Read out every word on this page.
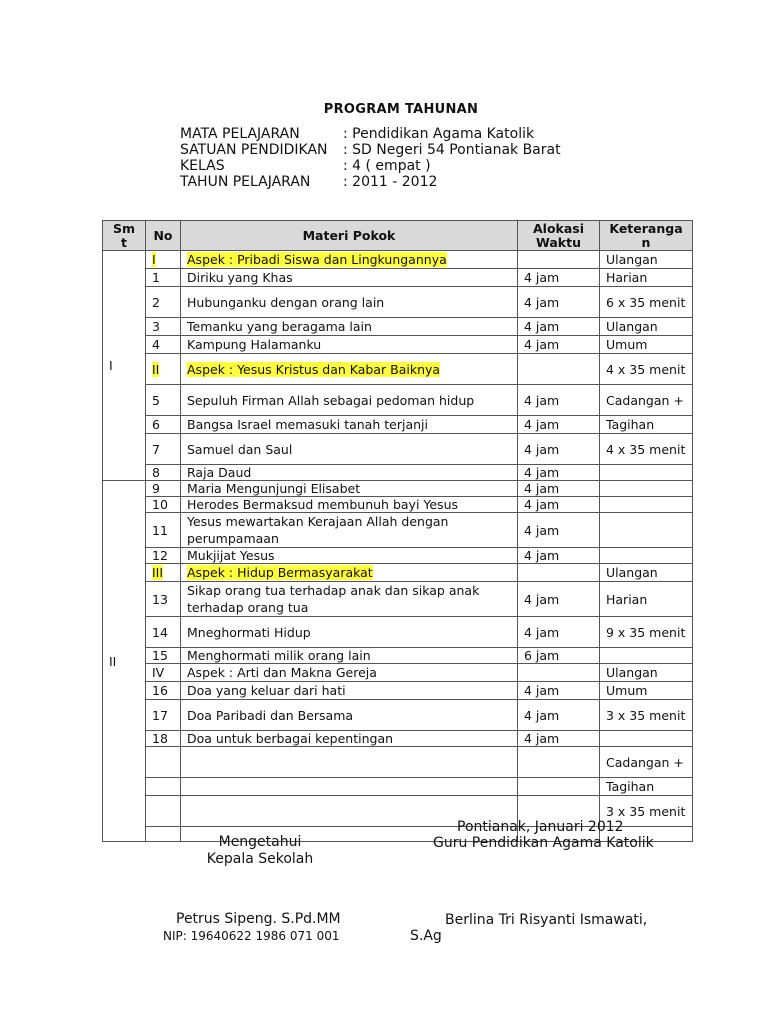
PROGRAM TAHUNAN
MATA PELAJARAN	: Pendidikan Agama Katolik
SATUAN PENDIDIKAN	: SD Negeri 54 Pontianak Barat
KELAS	: 4 ( empat )
TAHUN PELAJARAN	: 2011 - 2012
Sm t	No	Materi Pokok	Alokasi Waktu	Keterangan
I	I	Aspek : Pribadi Siswa dan Lingkungannya		Ulangan
	1	Diriku yang Khas	4 jam	Harian
	2	Hubunganku dengan orang lain	4 jam	6 x 35 menit
	3	Temanku yang beragama lain	4 jam	Ulangan
	4	Kampung Halamanku	4 jam	Umum
	II	Aspek : Yesus Kristus dan Kabar Baiknya		4 x 35 menit
	5	Sepuluh Firman Allah sebagai pedoman hidup	4 jam	Cadangan +
	6	Bangsa Israel memasuki tanah terjanji	4 jam	Tagihan
	7	Samuel dan Saul	4 jam	4 x 35 menit
	8	Raja Daud	4 jam	
II	9	Maria Mengunjungi Elisabet	4 jam	
	10	Herodes Bermaksud membunuh bayi Yesus	4 jam	
	11	Yesus mewartakan Kerajaan Allah dengan perumpamaan	4 jam	
	12	Mukjijat Yesus	4 jam	
	III	Aspek : Hidup Bermasyarakat		Ulangan
	13	Sikap orang tua terhadap anak dan sikap anak terhadap orang tua	4 jam	Harian
	14	Mneghormati Hidup	4 jam	9 x 35 menit
	15	Menghormati milik orang lain	6 jam	
	IV	Aspek : Arti dan Makna Gereja		Ulangan
	16	Doa yang keluar dari hati	4 jam	Umum
	17	Doa Paribadi dan Bersama	4 jam	3 x 35 menit
	18	Doa untuk berbagai kepentingan	4 jam	
				Cadangan +
				Tagihan
				3 x 35 menit

Pontianak, Januari 2012
Guru Pendidikan Agama Katolik
Mengetahui
Kepala Sekolah
Petrus Sipeng. S.Pd.MM
NIP: 19640622 1986 071 001
Berlina Tri Risyanti Ismawati,
S.Ag
